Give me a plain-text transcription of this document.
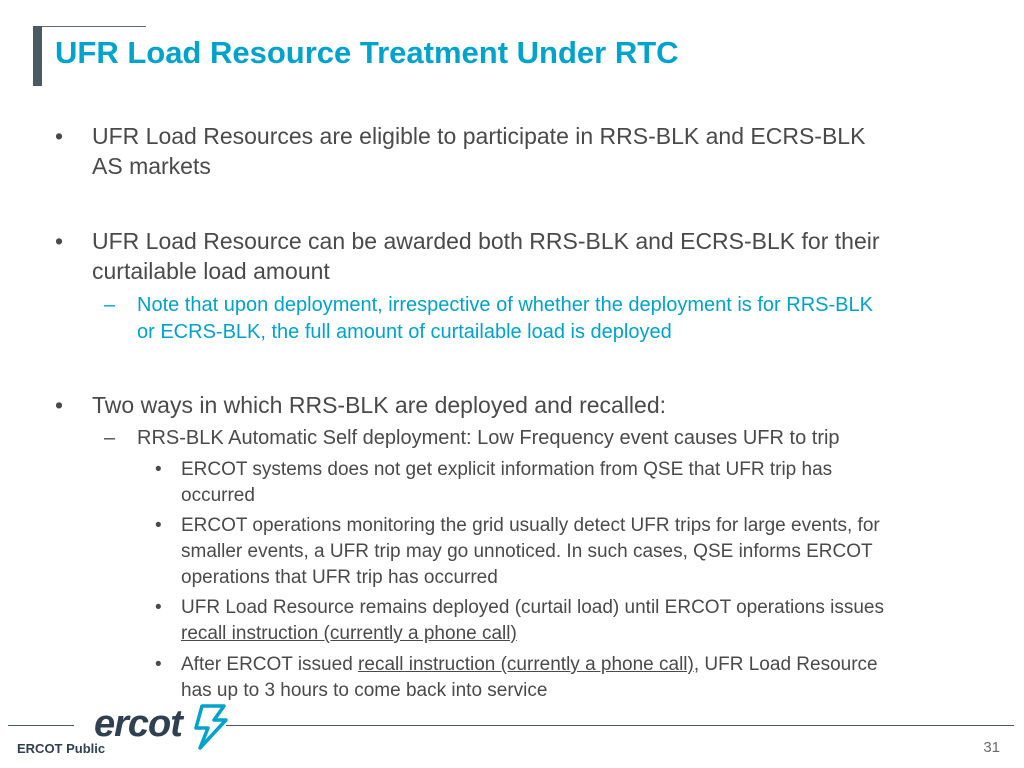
UFR Load Resource Treatment Under RTC
• UFR Load Resources are eligible to participate in RRS-BLK and ECRS-BLK
AS markets
• UFR Load Resource can be awarded both RRS-BLK and ECRS-BLK for their
curtailable load amount
– Note that upon deployment, irrespective of whether the deployment is for RRS-BLK
or ECRS-BLK, the full amount of curtailable load is deployed
• Two ways in which RRS-BLK are deployed and recalled:
– RRS-BLK Automatic Self deployment: Low Frequency event causes UFR to trip
• ERCOT systems does not get explicit information from QSE that UFR trip has
occurred
• ERCOT operations monitoring the grid usually detect UFR trips for large events, for
smaller events, a UFR trip may go unnoticed. In such cases, QSE informs ERCOT
operations that UFR trip has occurred
• UFR Load Resource remains deployed (curtail load) until ERCOT operations issues
recall instruction (currently a phone call)
• After ERCOT issued recall instruction (currently a phone call), UFR Load Resource
has up to 3 hours to come back into service
ercot
ERCOT Public	31
